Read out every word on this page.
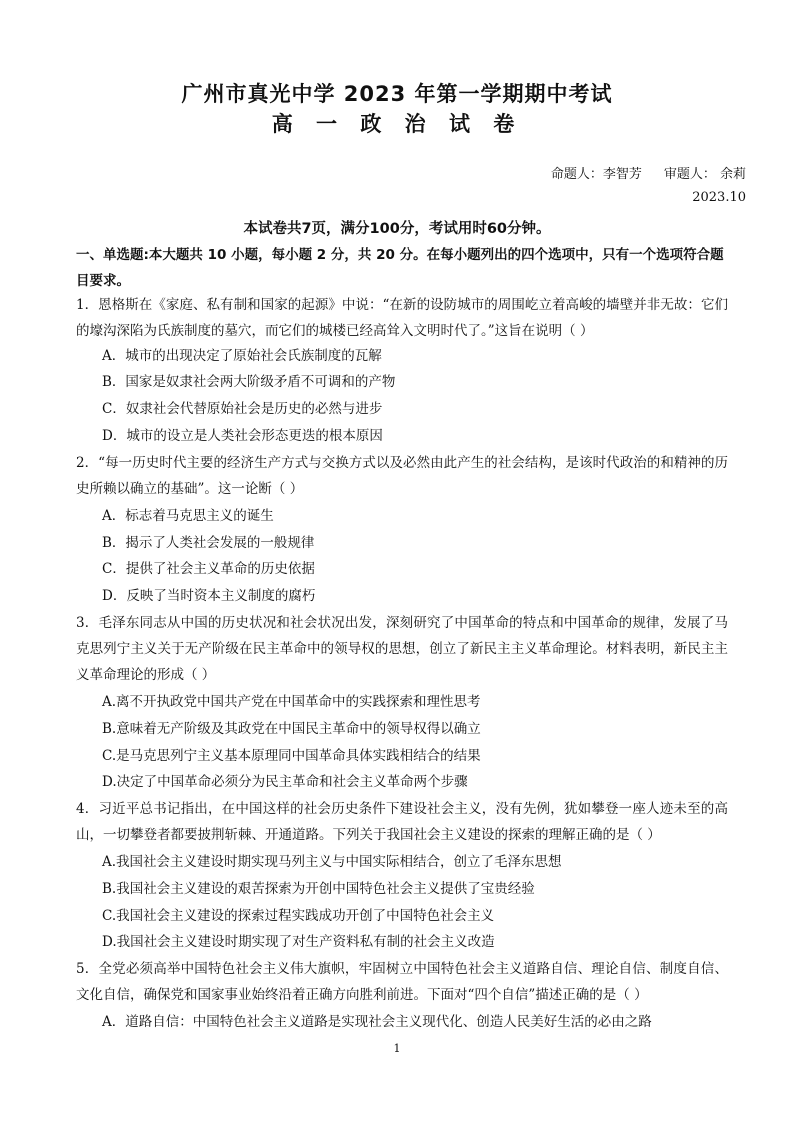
广州市真光中学 2023 年第一学期期中考试
高 一 政 治 试 卷
命题人：李智芳 审题人： 余莉
2023.10
本试卷共7页，满分100分，考试用时60分钟。
一、单选题:本大题共 10 小题，每小题 2 分，共 20 分。在每小题列出的四个选项中，只有一个选项符合题目要求。
1．恩格斯在《家庭、私有制和国家的起源》中说：“在新的设防城市的周围屹立着高峻的墙壁并非无故：它们的壕沟深陷为氏族制度的墓穴，而它们的城楼已经高耸入文明时代了。”这旨在说明（ ）
A．城市的出现决定了原始社会氏族制度的瓦解
B．国家是奴隶社会两大阶级矛盾不可调和的产物
C．奴隶社会代替原始社会是历史的必然与进步
D．城市的设立是人类社会形态更迭的根本原因
2．“每一历史时代主要的经济生产方式与交换方式以及必然由此产生的社会结构，是该时代政治的和精神的历史所赖以确立的基础”。这一论断（ ）
A．标志着马克思主义的诞生
B．揭示了人类社会发展的一般规律
C．提供了社会主义革命的历史依据
D．反映了当时资本主义制度的腐朽
3．毛泽东同志从中国的历史状况和社会状况出发，深刻研究了中国革命的特点和中国革命的规律，发展了马克思列宁主义关于无产阶级在民主革命中的领导权的思想，创立了新民主主义革命理论。材料表明，新民主主义革命理论的形成（ ）
A.离不开执政党中国共产党在中国革命中的实践探索和理性思考
B.意味着无产阶级及其政党在中国民主革命中的领导权得以确立
C.是马克思列宁主义基本原理同中国革命具体实践相结合的结果
D.决定了中国革命必须分为民主革命和社会主义革命两个步骤
4．习近平总书记指出，在中国这样的社会历史条件下建设社会主义，没有先例，犹如攀登一座人迹未至的高山，一切攀登者都要披荆斩棘、开通道路。下列关于我国社会主义建设的探索的理解正确的是（ ）
A.我国社会主义建设时期实现马列主义与中国实际相结合，创立了毛泽东思想
B.我国社会主义建设的艰苦探索为开创中国特色社会主义提供了宝贵经验
C.我国社会主义建设的探索过程实践成功开创了中国特色社会主义
D.我国社会主义建设时期实现了对生产资料私有制的社会主义改造
5．全党必须高举中国特色社会主义伟大旗帜，牢固树立中国特色社会主义道路自信、理论自信、制度自信、文化自信，确保党和国家事业始终沿着正确方向胜利前进。下面对“四个自信”描述正确的是（ ）
A．道路自信：中国特色社会主义道路是实现社会主义现代化、创造人民美好生活的必由之路
1
